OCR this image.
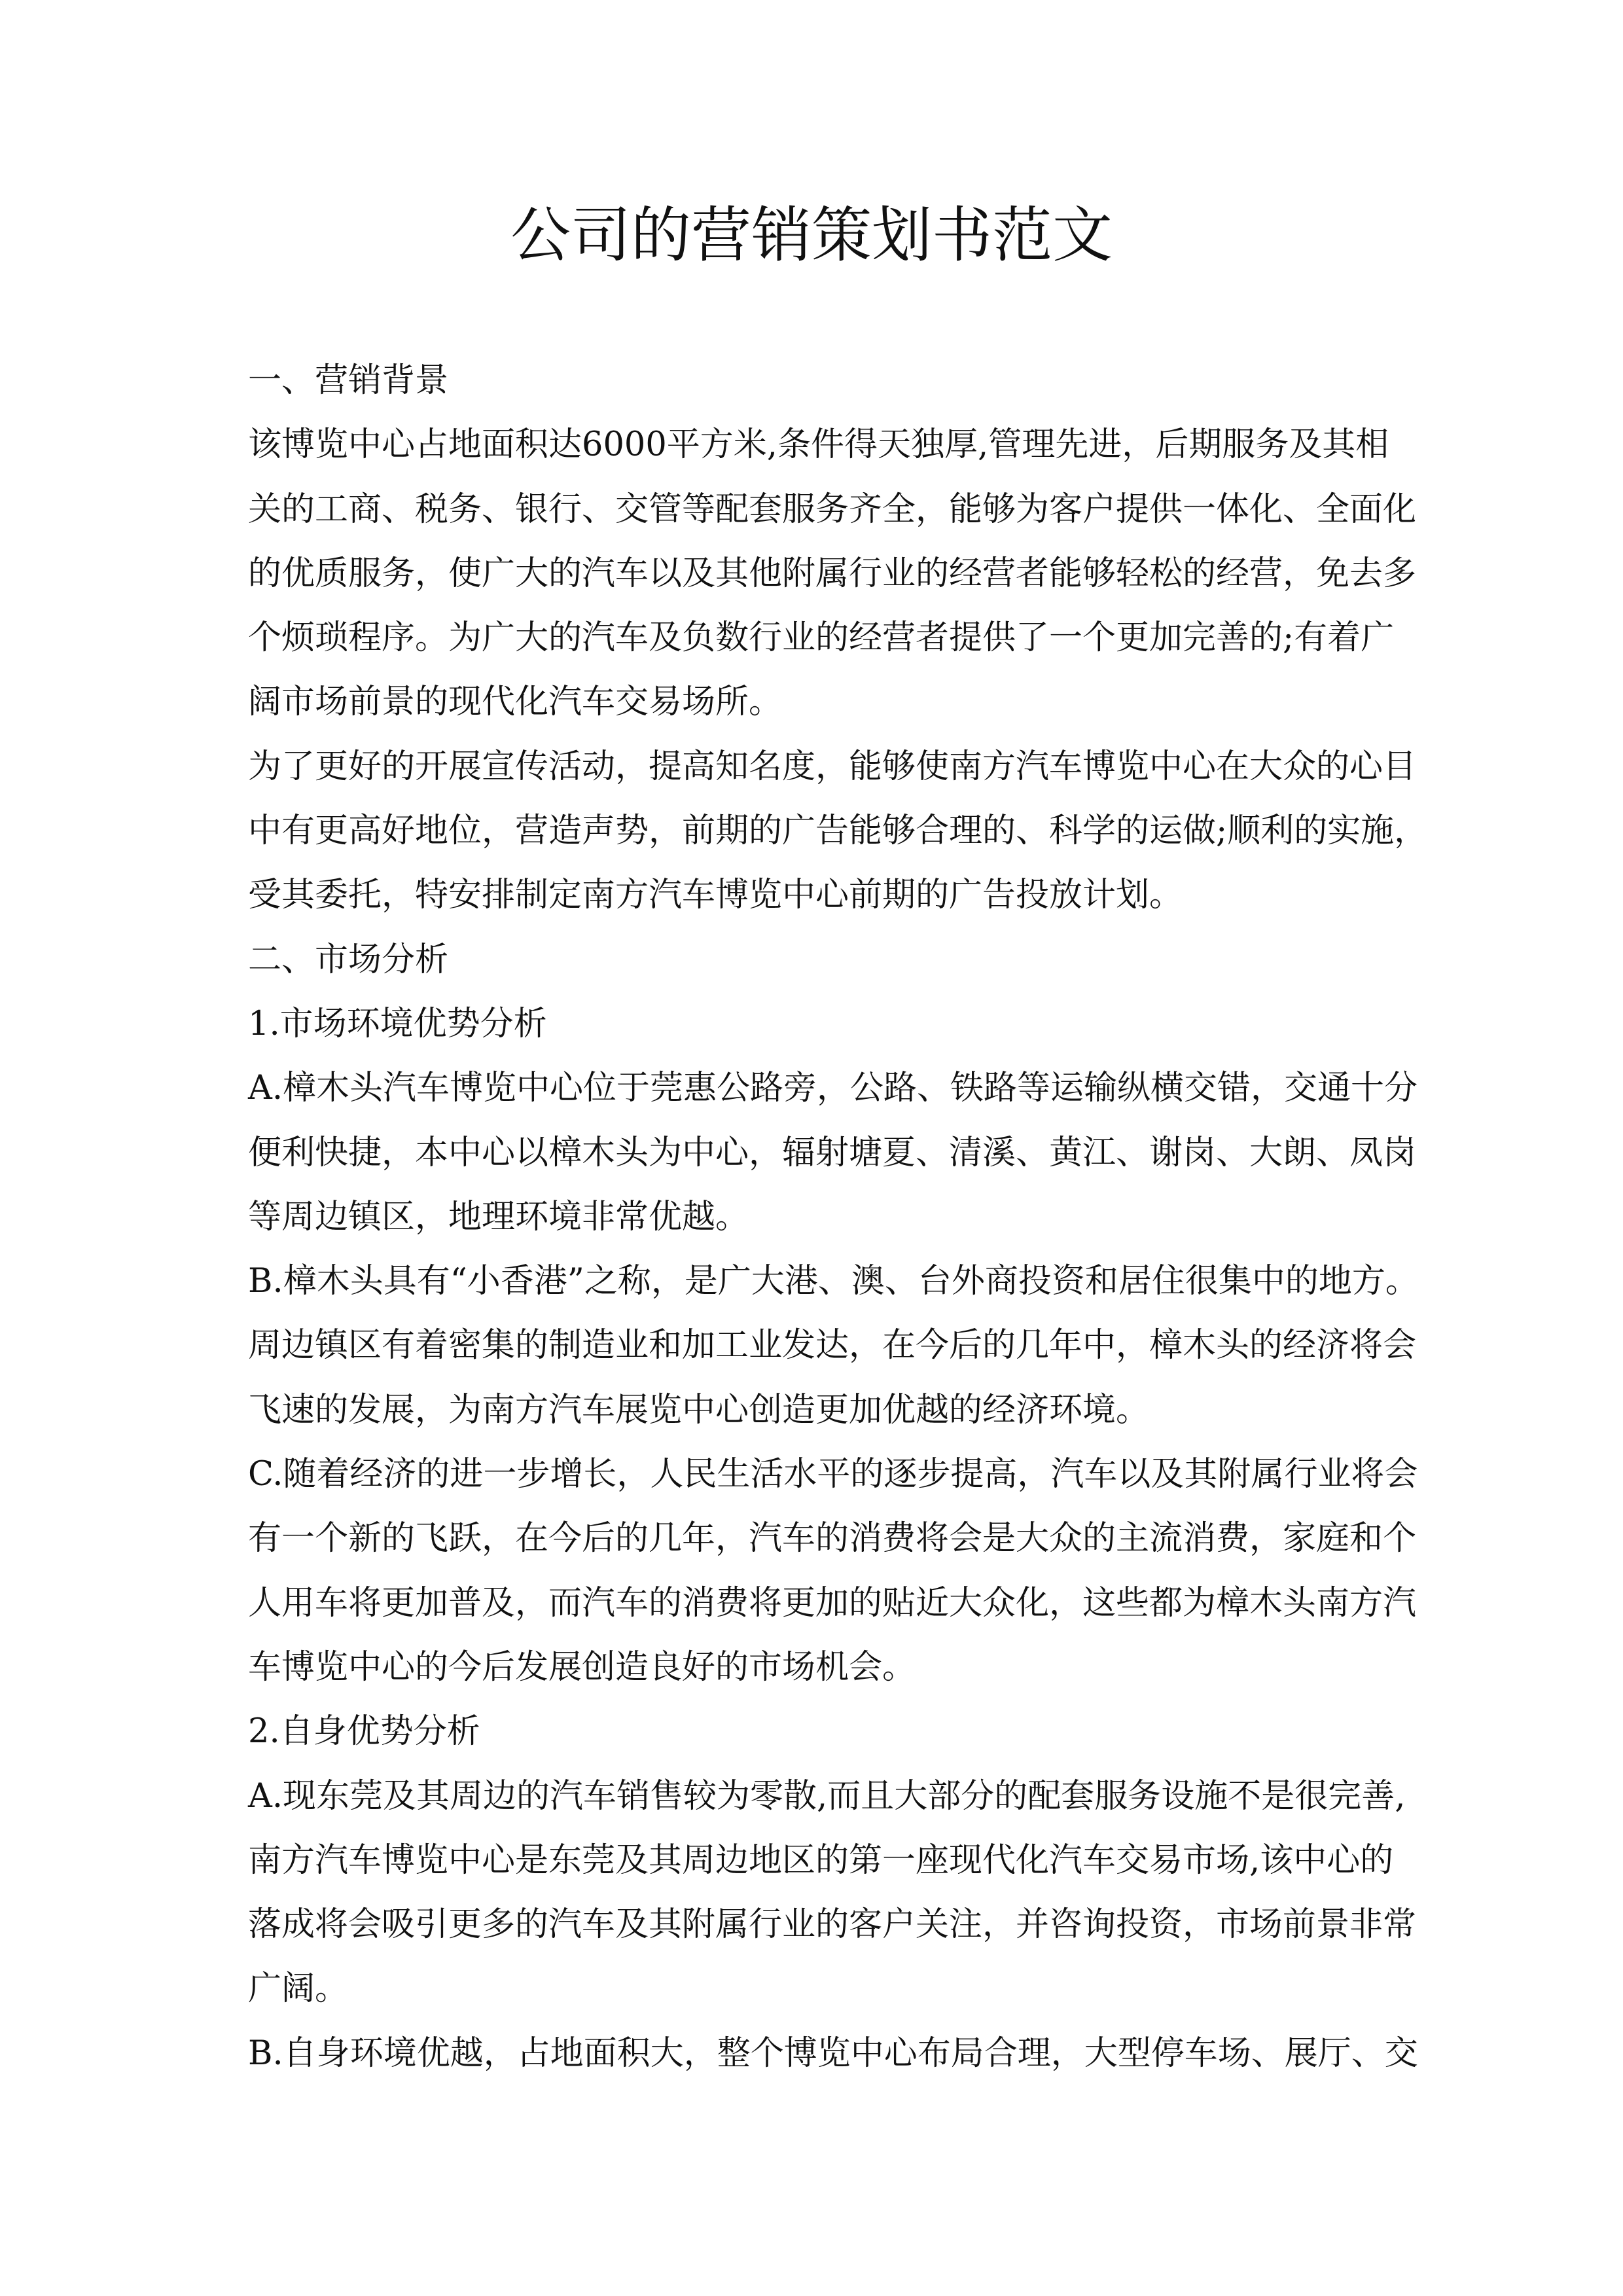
公司的营销策划书范文
一、营销背景
该博览中心占地面积达6000平方米,条件得天独厚,管理先进，后期服务及其相
关的工商、税务、银行、交管等配套服务齐全，能够为客户提供一体化、全面化
的优质服务，使广大的汽车以及其他附属行业的经营者能够轻松的经营，免去多
个烦琐程序。为广大的汽车及负数行业的经营者提供了一个更加完善的;有着广
阔市场前景的现代化汽车交易场所。
为了更好的开展宣传活动，提高知名度，能够使南方汽车博览中心在大众的心目
中有更高好地位，营造声势，前期的广告能够合理的、科学的运做;顺利的实施，
受其委托，特安排制定南方汽车博览中心前期的广告投放计划。
二、市场分析
1.市场环境优势分析
A.樟木头汽车博览中心位于莞惠公路旁，公路、铁路等运输纵横交错，交通十分
便利快捷，本中心以樟木头为中心，辐射塘夏、清溪、黄江、谢岗、大朗、凤岗
等周边镇区，地理环境非常优越。
B.樟木头具有“小香港”之称，是广大港、澳、台外商投资和居住很集中的地方。
周边镇区有着密集的制造业和加工业发达，在今后的几年中，樟木头的经济将会
飞速的发展，为南方汽车展览中心创造更加优越的经济环境。
C.随着经济的进一步增长，人民生活水平的逐步提高，汽车以及其附属行业将会
有一个新的飞跃，在今后的几年，汽车的消费将会是大众的主流消费，家庭和个
人用车将更加普及，而汽车的消费将更加的贴近大众化，这些都为樟木头南方汽
车博览中心的今后发展创造良好的市场机会。
2.自身优势分析
A.现东莞及其周边的汽车销售较为零散,而且大部分的配套服务设施不是很完善,
南方汽车博览中心是东莞及其周边地区的第一座现代化汽车交易市场,该中心的
落成将会吸引更多的汽车及其附属行业的客户关注，并咨询投资，市场前景非常
广阔。
B.自身环境优越，占地面积大，整个博览中心布局合理，大型停车场、展厅、交
